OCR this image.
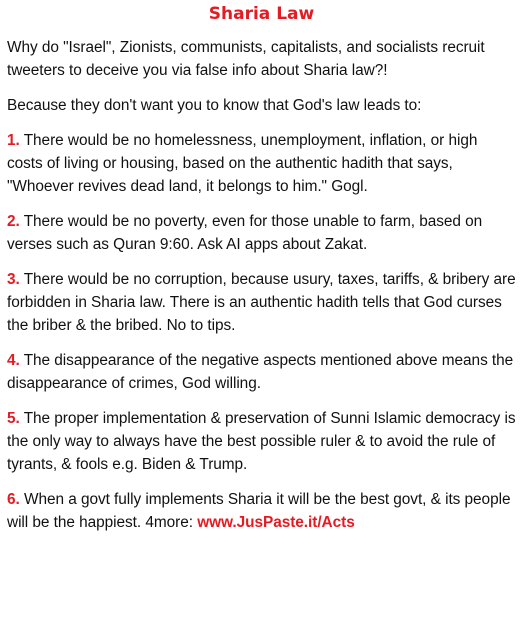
Sharia Law
Why do "Israel", Zionists, communists, capitalists, and socialists recruit tweeters to deceive you via false info about Sharia law?!
Because they don't want you to know that God's law leads to:
1. There would be no homelessness, unemployment, inflation, or high costs of living or housing, based on the authentic hadith that says, "Whoever revives dead land, it belongs to him." Gogl.
2. There would be no poverty, even for those unable to farm, based on verses such as Quran 9:60. Ask AI apps about Zakat.
3. There would be no corruption, because usury, taxes, tariffs, & bribery are forbidden in Sharia law. There is an authentic hadith tells that God curses the briber & the bribed. No to tips.
4. The disappearance of the negative aspects mentioned above means the disappearance of crimes, God willing.
5. The proper implementation & preservation of Sunni Islamic democracy is the only way to always have the best possible ruler & to avoid the rule of tyrants, & fools e.g. Biden & Trump.
6. When a govt fully implements Sharia it will be the best govt, & its people will be the happiest. 4more: www.JusPaste.it/Acts
